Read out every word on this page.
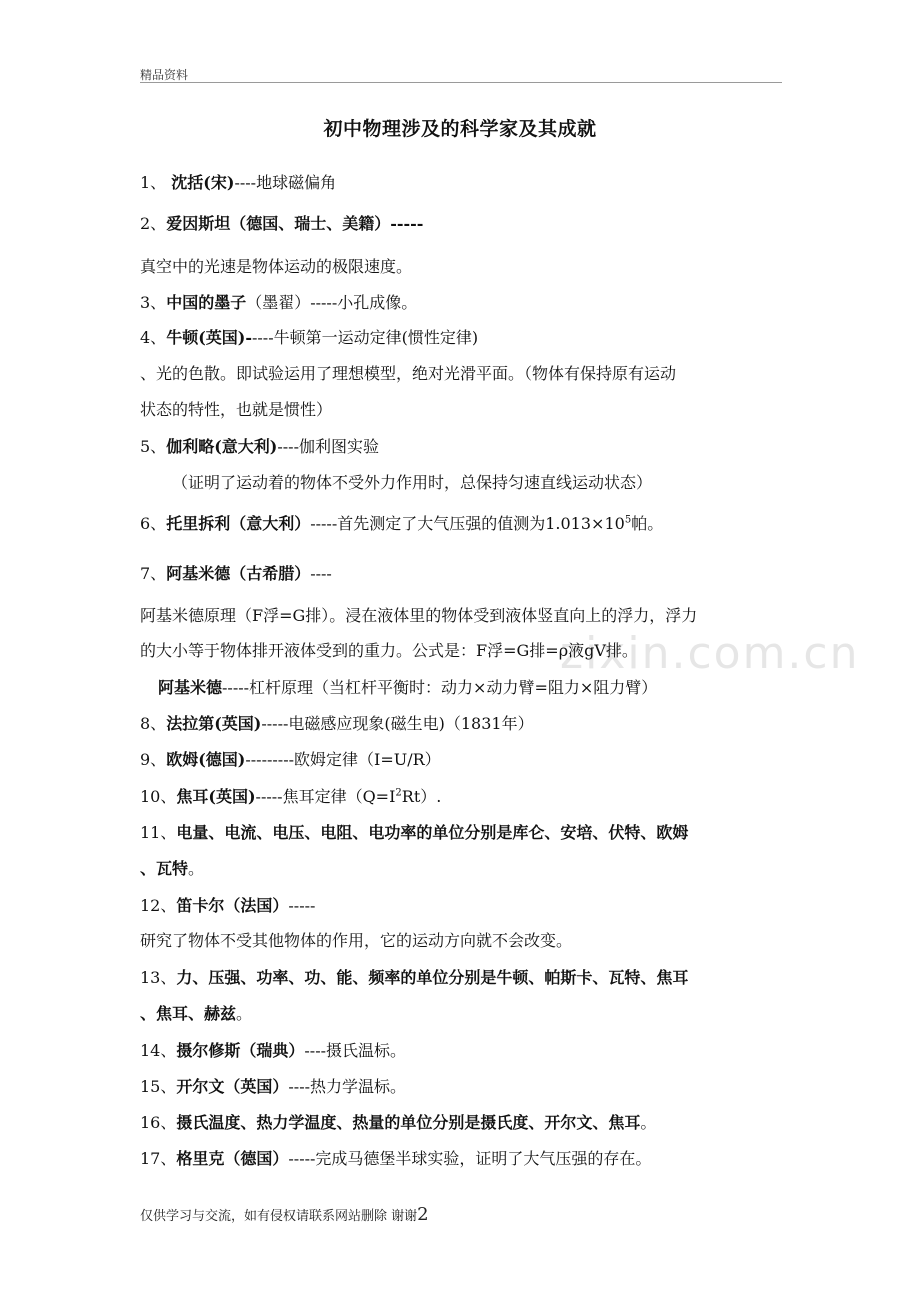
精品资料
zixin.com.cn
初中物理涉及的科学家及其成就
1、 沈括(宋)----地球磁偏角
2、爱因斯坦（德国、瑞士、美籍）-----
真空中的光速是物体运动的极限速度。
3、中国的墨子（墨翟）-----小孔成像。
4、牛顿(英国)-----牛顿第一运动定律(惯性定律)
、光的色散。即试验运用了理想模型，绝对光滑平面。（物体有保持原有运动
状态的特性，也就是惯性）
5、伽利略(意大利)----伽利图实验
（证明了运动着的物体不受外力作用时，总保持匀速直线运动状态）
6、托里拆利（意大利）-----首先测定了大气压强的值测为$1.013\times 10^5$帕。
7、阿基米德（古希腊）----
阿基米德原理（F浮=G排）。浸在液体里的物体受到液体竖直向上的浮力，浮力
的大小等于物体排开液体受到的重力。公式是：F浮=G排=ρ液gV排。
阿基米德-----杠杆原理（当杠杆平衡时：动力×动力臂=阻力×阻力臂）
8、法拉第(英国)-----电磁感应现象(磁生电)（1831年）
9、欧姆(德国)---------欧姆定律（I=U/R）
10、焦耳(英国)-----焦耳定律$(Q=I^2Rt)$.
11、电量、电流、电压、电阻、电功率的单位分别是库仑、安培、伏特、欧姆
、瓦特。
12、笛卡尔（法国）-----
研究了物体不受其他物体的作用，它的运动方向就不会改变。
13、力、压强、功率、功、能、频率的单位分别是牛顿、帕斯卡、瓦特、焦耳
、焦耳、赫兹。
14、摄尔修斯（瑞典）----摄氏温标。
15、开尔文（英国）----热力学温标。
16、摄氏温度、热力学温度、热量的单位分别是摄氏度、开尔文、焦耳。
17、格里克（德国）-----完成马德堡半球实验，证明了大气压强的存在。
仅供学习与交流，如有侵权请联系网站删除 谢谢2
